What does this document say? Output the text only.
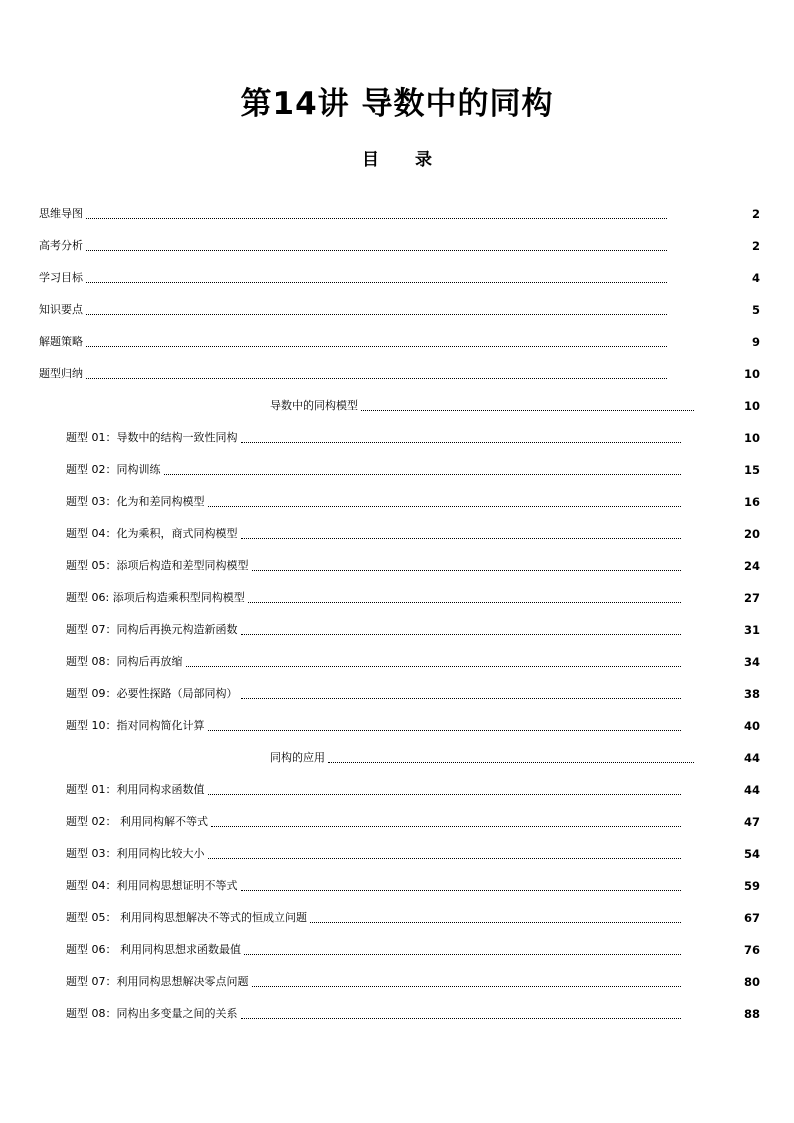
第14讲 导数中的同构
目 录
思维导图	2
高考分析	2
学习目标	4
知识要点	5
解题策略	9
题型归纳	10
导数中的同构模型	10
题型 01：导数中的结构一致性同构	10
题型 02：同构训练	15
题型 03：化为和差同构模型	16
题型 04：化为乘积，商式同构模型	20
题型 05：添项后构造和差型同构模型	24
题型 06: 添项后构造乘积型同构模型	27
题型 07：同构后再换元构造新函数	31
题型 08：同构后再放缩	34
题型 09：必要性探路（局部同构）	38
题型 10：指对同构简化计算	40
同构的应用	44
题型 01：利用同构求函数值	44
题型 02： 利用同构解不等式	47
题型 03：利用同构比较大小	54
题型 04：利用同构思想证明不等式	59
题型 05： 利用同构思想解决不等式的恒成立问题	67
题型 06： 利用同构思想求函数最值	76
题型 07：利用同构思想解决零点问题	80
题型 08：同构出多变量之间的关系	88
